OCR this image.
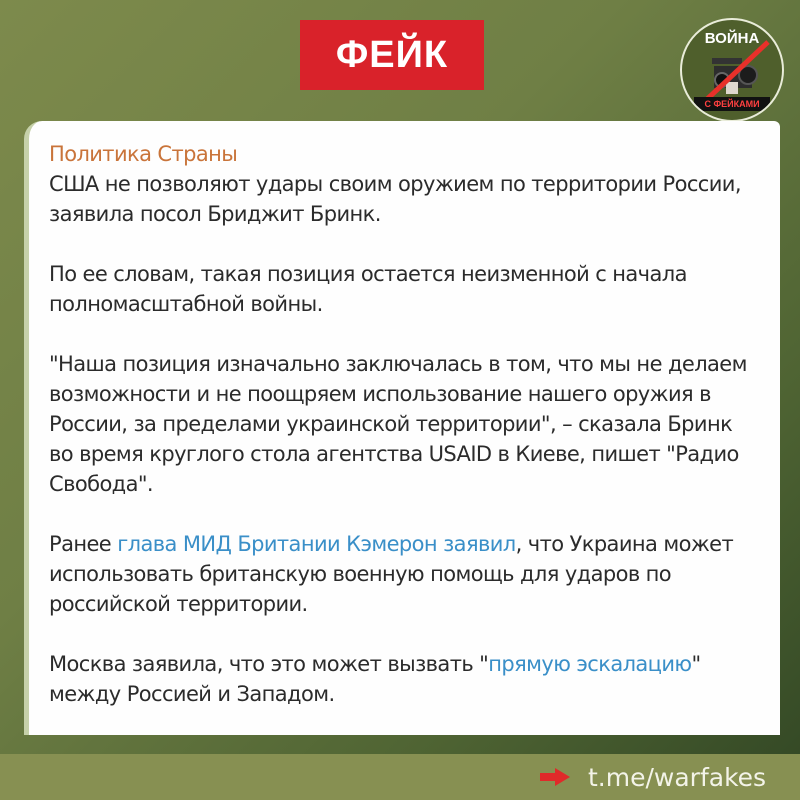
ФЕЙК	ВОЙНА
С ФЕЙКАМИ

Политика Страны

США не позволяют удары своим оружием по территории России, заявила посол Бриджит Бринк.

По ее словам, такая позиция остается неизменной с начала полномасштабной войны.

"Наша позиция изначально заключалась в том, что мы не делаем возможности и не поощряем использование нашего оружия в России, за пределами украинской территории", – сказала Бринк во время круглого стола агентства USAID в Киеве, пишет "Радио Свобода".

Ранее глава МИД Британии Кэмерон заявил, что Украина может использовать британскую военную помощь для ударов по российской территории.

Москва заявила, что это может вызвать "прямую эскалацию" между Россией и Западом.

t.me/warfakes
